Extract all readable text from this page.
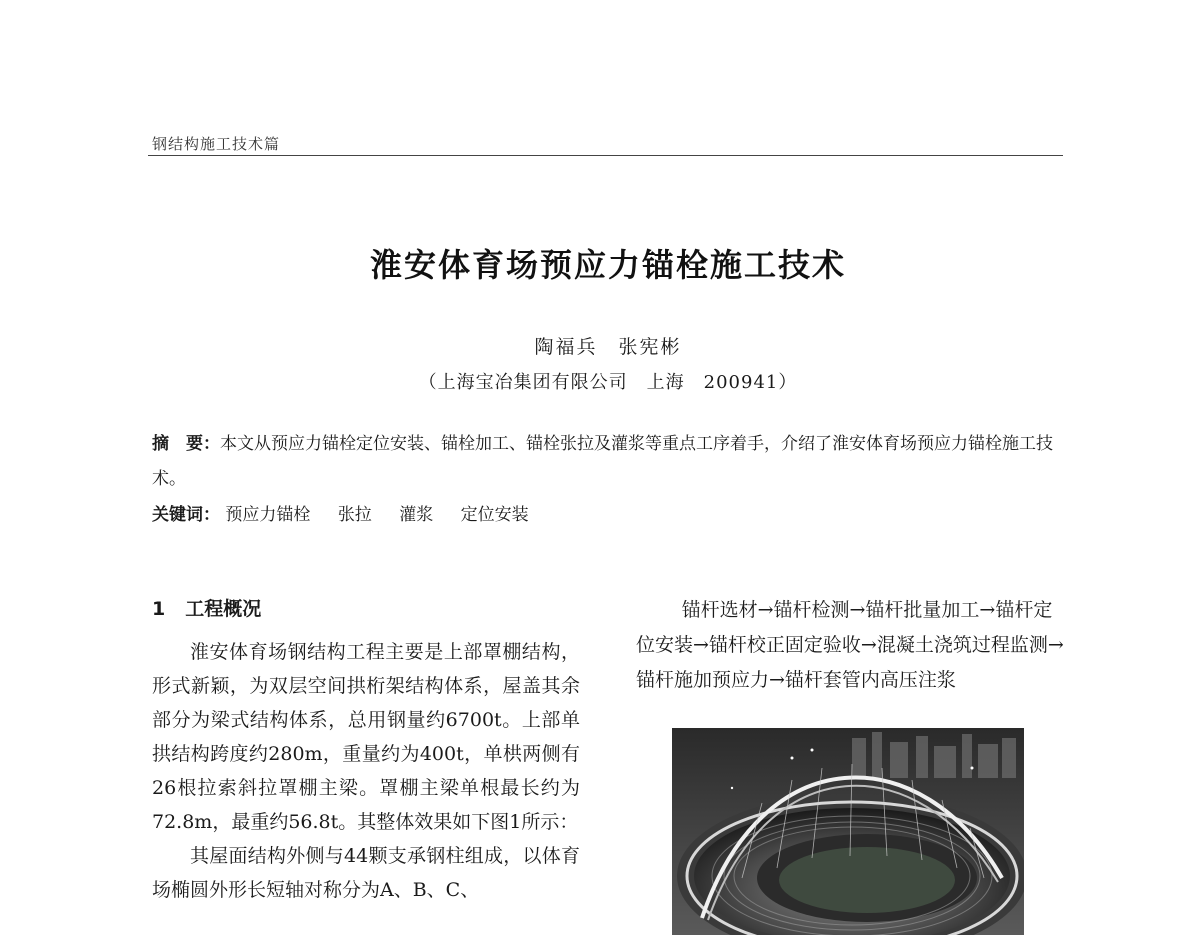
钢结构施工技术篇
淮安体育场预应力锚栓施工技术
陶福兵　张宪彬
（上海宝冶集团有限公司　上海　200941）
摘　要：本文从预应力锚栓定位安装、锚栓加工、锚栓张拉及灌浆等重点工序着手，介绍了淮安体育场预应力锚栓施工技术。
关键词： 预应力锚栓 张拉 灌浆 定位安装
1 工程概况

淮安体育场钢结构工程主要是上部罩棚结构，形式新颖，为双层空间拱桁架结构体系，屋盖其余部分为梁式结构体系，总用钢量约6700t。上部单拱结构跨度约280m，重量约为400t，单栱两侧有26根拉索斜拉罩棚主梁。罩棚主梁单根最长约为72.8m，最重约56.8t。其整体效果如下图1所示：

其屋面结构外侧与44颗支承钢柱组成，以体育场椭圆外形长短轴对称分为A、B、C、

锚杆选材→锚杆检测→锚杆批量加工→锚杆定位安装→锚杆校正固定验收→混凝土浇筑过程监测→锚杆施加预应力→锚杆套管内高压注浆
